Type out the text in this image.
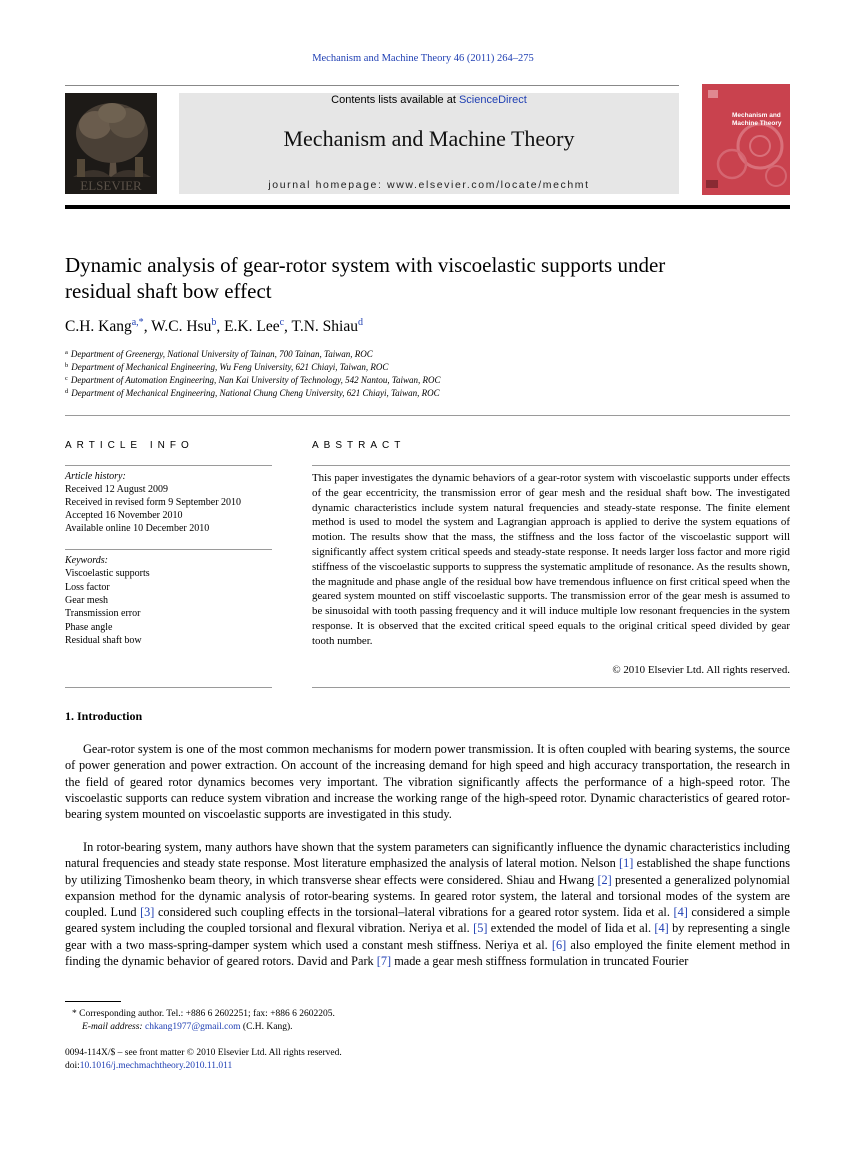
Mechanism and Machine Theory 46 (2011) 264–275
ELSEVIER
Contents lists available at ScienceDirect
Mechanism and Machine Theory
journal homepage: www.elsevier.com/locate/mechmt
Mechanism and Machine Theory
Dynamic analysis of gear-rotor system with viscoelastic supports under
residual shaft bow effect
C.H. Kang$^{a,*}$, W.C. Hsu$^b$, E.K. Lee$^c$, T.N. Shiau$^d$
$^a$ Department of Greenergy, National University of Tainan, 700 Tainan, Taiwan, ROC
$^b$ Department of Mechanical Engineering, Wu Feng University, 621 Chiayi, Taiwan, ROC
$^c$ Department of Automation Engineering, Nan Kai University of Technology, 542 Nantou, Taiwan, ROC
$^d$ Department of Mechanical Engineering, National Chung Cheng University, 621 Chiayi, Taiwan, ROC
ARTICLE INFO	ABSTRACT
Article history:
Received 12 August 2009
Received in revised form 9 September 2010
Accepted 16 November 2010
Available online 10 December 2010
Keywords:
Viscoelastic supports
Loss factor
Gear mesh
Transmission error
Phase angle
Residual shaft bow
This paper investigates the dynamic behaviors of a gear-rotor system with viscoelastic supports under effects of the gear eccentricity, the transmission error of gear mesh and the residual shaft bow. The investigated dynamic characteristics include system natural frequencies and steady-state response. The finite element method is used to model the system and Lagrangian approach is applied to derive the system equations of motion. The results show that the mass, the stiffness and the loss factor of the viscoelastic support will significantly affect system critical speeds and steady-state response. It needs larger loss factor and more rigid stiffness of the viscoelastic supports to suppress the systematic amplitude of resonance. As the results shown, the magnitude and phase angle of the residual bow have tremendous influence on first critical speed when the geared system mounted on stiff viscoelastic supports. The transmission error of the gear mesh is assumed to be sinusoidal with tooth passing frequency and it will induce multiple low resonant frequencies in the system response. It is observed that the excited critical speed equals to the original critical speed divided by gear tooth number.
© 2010 Elsevier Ltd. All rights reserved.
1. Introduction

Gear-rotor system is one of the most common mechanisms for modern power transmission. It is often coupled with bearing systems, the source of power generation and power extraction. On account of the increasing demand for high speed and high accuracy transportation, the research in the field of geared rotor dynamics becomes very important. The vibration significantly affects the performance of a high-speed rotor. The viscoelastic supports can reduce system vibration and increase the working range of the high-speed rotor. Dynamic characteristics of geared rotor-bearing system mounted on viscoelastic supports are investigated in this study.

In rotor-bearing system, many authors have shown that the system parameters can significantly influence the dynamic characteristics including natural frequencies and steady state response. Most literature emphasized the analysis of lateral motion. Nelson [1] established the shape functions by utilizing Timoshenko beam theory, in which transverse shear effects were considered. Shiau and Hwang [2] presented a generalized polynomial expansion method for the dynamic analysis of rotor-bearing systems. In geared rotor system, the lateral and torsional modes of the system are coupled. Lund [3] considered such coupling effects in the torsional–lateral vibrations for a geared rotor system. Iida et al. [4] considered a simple geared system including the coupled torsional and flexural vibration. Neriya et al. [5] extended the model of Iida et al. [4] by representing a single gear with a two mass-spring-damper system which used a constant mesh stiffness. Neriya et al. [6] also employed the finite element method in finding the dynamic behavior of geared rotors. David and Park [7] made a gear mesh stiffness formulation in truncated Fourier

* Corresponding author. Tel.: +886 6 2602251; fax: +886 6 2602205.
E-mail address: chkang1977@gmail.com (C.H. Kang).
0094-114X/$ – see front matter © 2010 Elsevier Ltd. All rights reserved.
doi:10.1016/j.mechmachtheory.2010.11.011
